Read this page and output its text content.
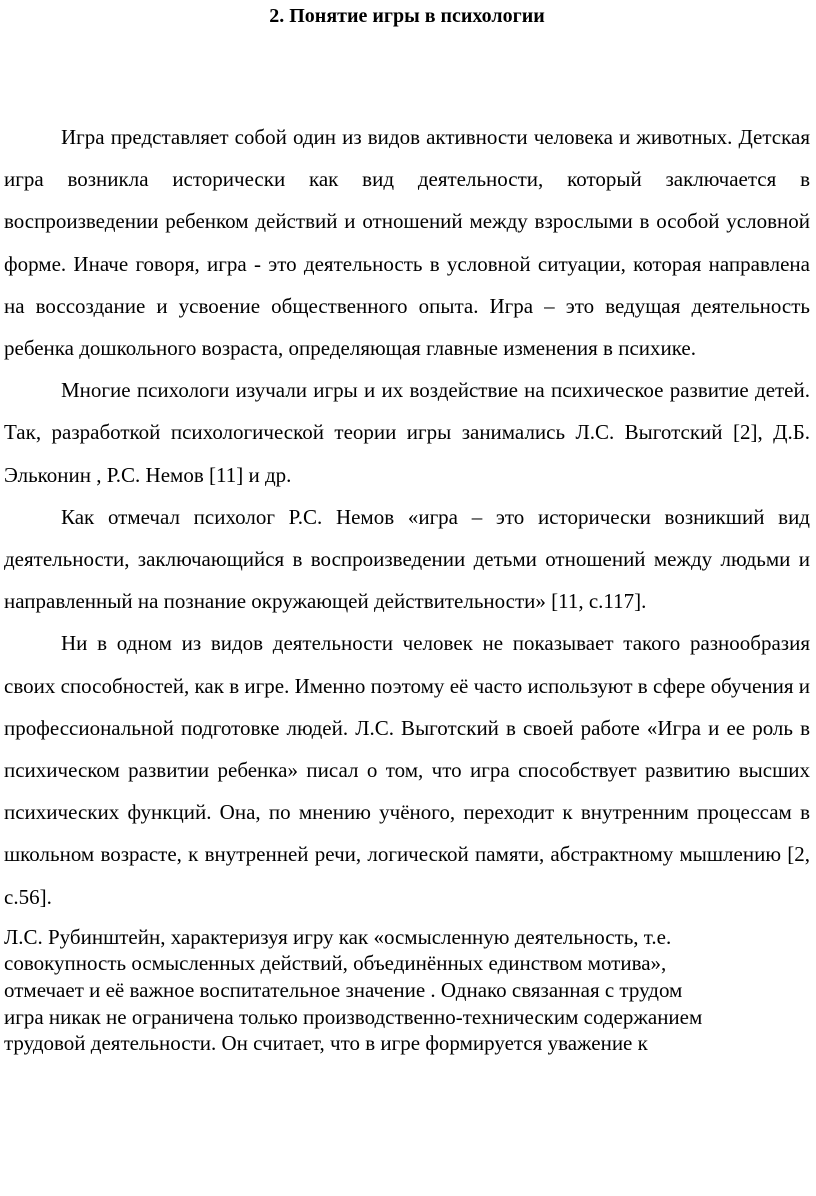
2. Понятие игры в психологии

Игра представляет собой один из видов активности человека и животных. Детская игра возникла исторически как вид деятельности, который заключается в воспроизведении ребенком действий и отношений между взрослыми в особой условной форме. Иначе говоря, игра - это деятельность в условной ситуации, которая направлена на воссоздание и усвоение общественного опыта. Игра – это ведущая деятельность ребенка дошкольного возраста, определяющая главные изменения в психике.

Многие психологи изучали игры и их воздействие на психическое развитие детей. Так, разработкой психологической теории игры занимались Л.С. Выготский [2], Д.Б. Эльконин , Р.С. Немов [11] и др.

Как отмечал психолог Р.С. Немов «игра – это исторически возникший вид деятельности, заключающийся в воспроизведении детьми отношений между людьми и направленный на познание окружающей действительности» [11, с.117].

Ни в одном из видов деятельности человек не показывает такого разнообразия своих способностей, как в игре. Именно поэтому её часто используют в сфере обучения и профессиональной подготовке людей. Л.С. Выготский в своей работе «Игра и ее роль в психическом развитии ребенка» писал о том, что игра способствует развитию высших психических функций. Она, по мнению учёного, переходит к внутренним процессам в школьном возрасте, к внутренней речи, логической памяти, абстрактному мышлению [2, с.56].

Л.С. Рубинштейн, характеризуя игру как «осмысленную деятельность, т.е.
совокупность осмысленных действий, объединённых единством мотива»,
отмечает и её важное воспитательное значение . Однако связанная с трудом
игра никак не ограничена только производственно-техническим содержанием
трудовой деятельности. Он считает, что в игре формируется уважение к
